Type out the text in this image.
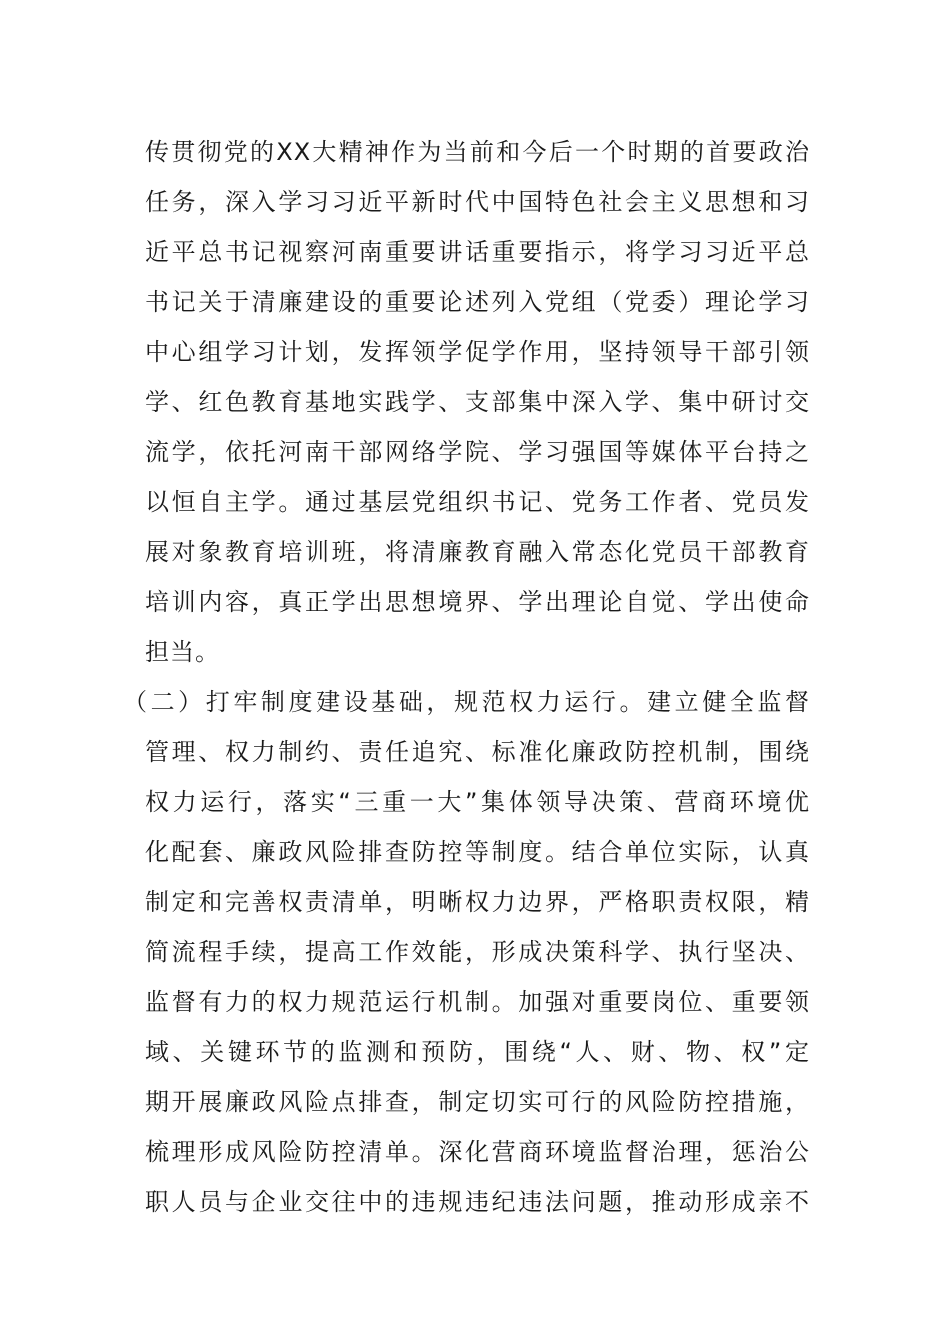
传贯彻党的XX大精神作为当前和今后一个时期的首要政治
任务，深入学习习近平新时代中国特色社会主义思想和习
近平总书记视察河南重要讲话重要指示，将学习习近平总
书记关于清廉建设的重要论述列入党组（党委）理论学习
中心组学习计划，发挥领学促学作用，坚持领导干部引领
学、红色教育基地实践学、支部集中深入学、集中研讨交
流学，依托河南干部网络学院、学习强国等媒体平台持之
以恒自主学。通过基层党组织书记、党务工作者、党员发
展对象教育培训班，将清廉教育融入常态化党员干部教育
培训内容，真正学出思想境界、学出理论自觉、学出使命
担当。
（二）打牢制度建设基础，规范权力运行。建立健全监督
管理、权力制约、责任追究、标准化廉政防控机制，围绕
权力运行，落实“三重一大”集体领导决策、营商环境优
化配套、廉政风险排查防控等制度。结合单位实际，认真
制定和完善权责清单，明晰权力边界，严格职责权限，精
简流程手续，提高工作效能，形成决策科学、执行坚决、
监督有力的权力规范运行机制。加强对重要岗位、重要领
域、关键环节的监测和预防，围绕“人、财、物、权”定
期开展廉政风险点排查，制定切实可行的风险防控措施，
梳理形成风险防控清单。深化营商环境监督治理，惩治公
职人员与企业交往中的违规违纪违法问题，推动形成亲不
